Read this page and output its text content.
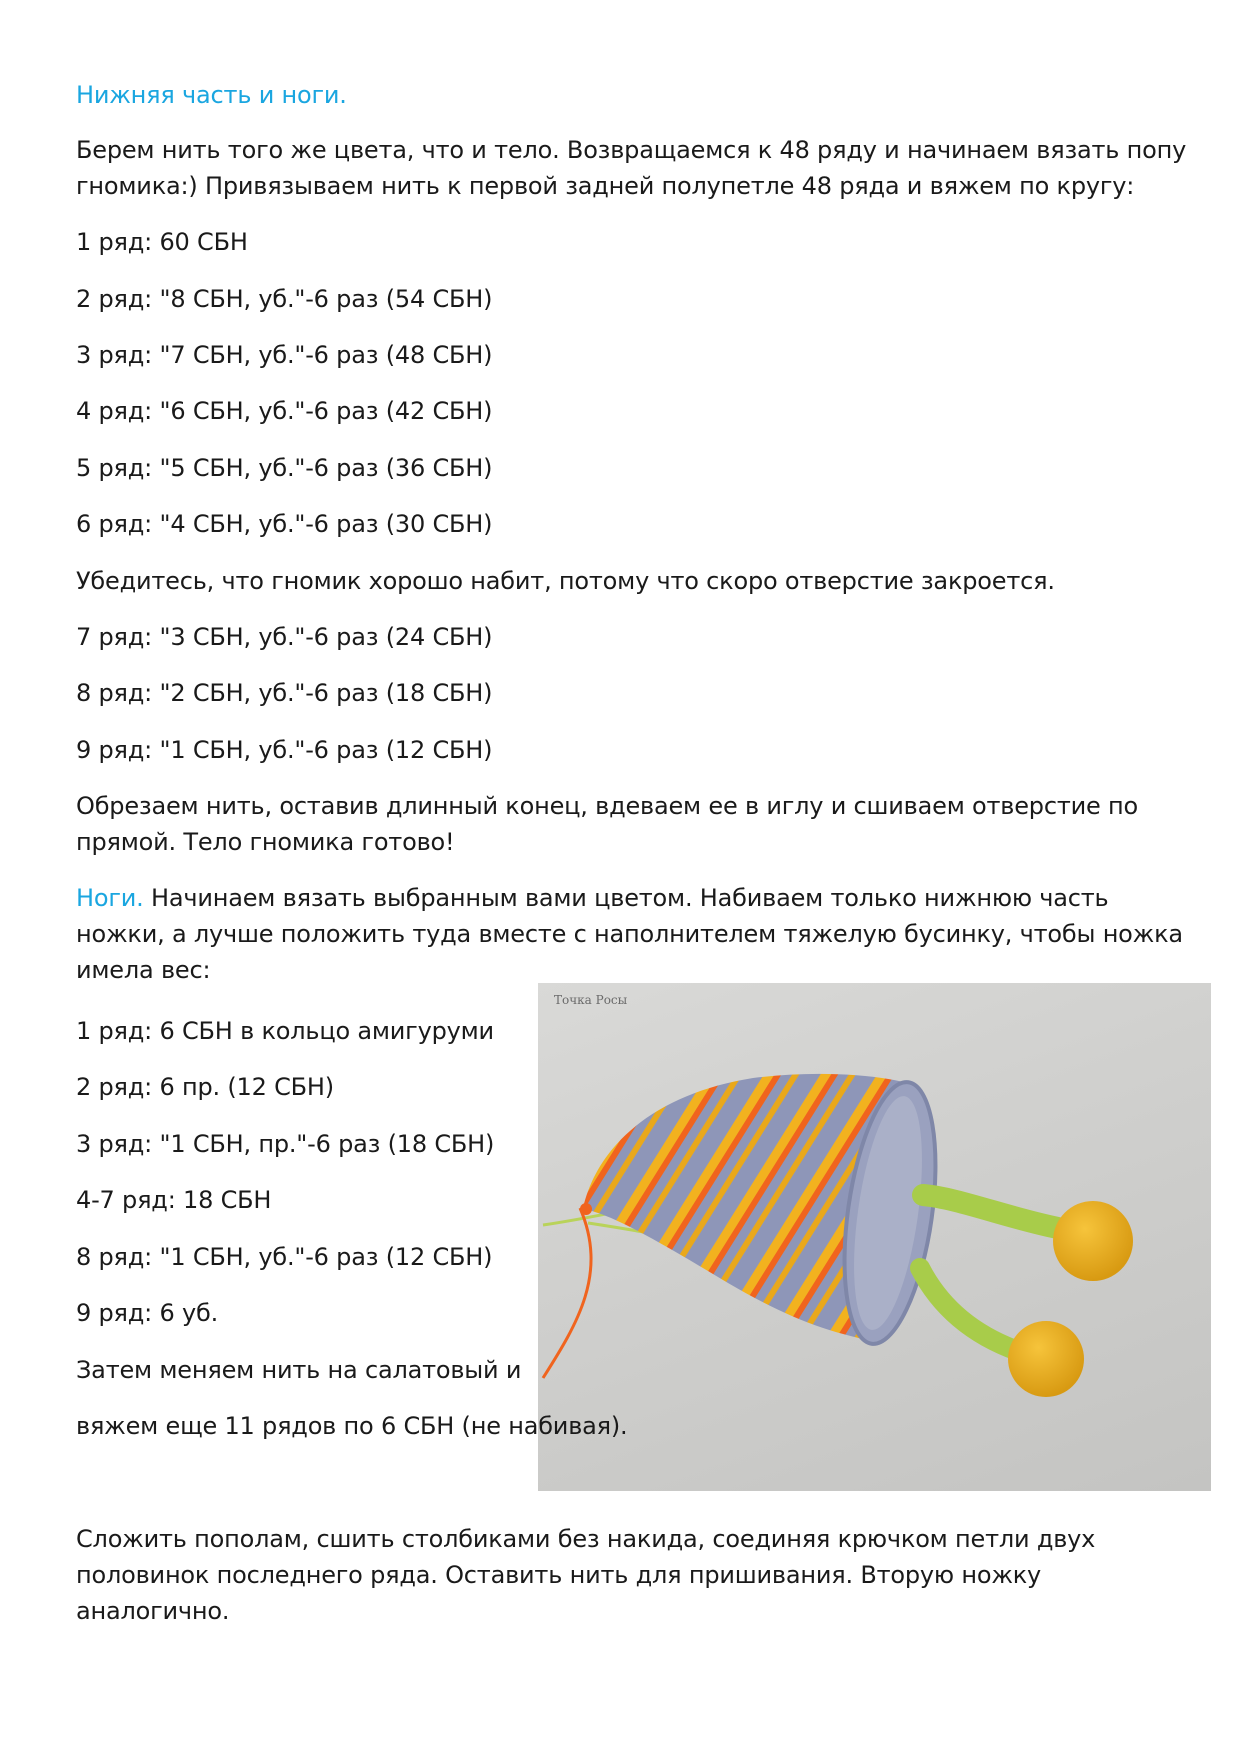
Нижняя часть и ноги.
Берем нить того же цвета, что и тело. Возвращаемся к 48 ряду и начинаем вязать попу
гномика:) Привязываем нить к первой задней полупетле 48 ряда и вяжем по кругу:
1 ряд: 60 СБН
2 ряд: "8 СБН, уб."-6 раз (54 СБН)
3 ряд: "7 СБН, уб."-6 раз (48 СБН)
4 ряд: "6 СБН, уб."-6 раз (42 СБН)
5 ряд: "5 СБН, уб."-6 раз (36 СБН)
6 ряд: "4 СБН, уб."-6 раз (30 СБН)
Убедитесь, что гномик хорошо набит, потому что скоро отверстие закроется.
7 ряд: "3 СБН, уб."-6 раз (24 СБН)
8 ряд: "2 СБН, уб."-6 раз (18 СБН)
9 ряд: "1 СБН, уб."-6 раз (12 СБН)
Обрезаем нить, оставив длинный конец, вдеваем ее в иглу и сшиваем отверстие по
прямой. Тело гномика готово!
Ноги. Начинаем вязать выбранным вами цветом. Набиваем только нижнюю часть
ножки, а лучше положить туда вместе с наполнителем тяжелую бусинку, чтобы ножка
имела вес:
Точка Росы
1 ряд: 6 СБН в кольцо амигуруми
2 ряд: 6 пр. (12 СБН)
3 ряд: "1 СБН, пр."-6 раз (18 СБН)
4-7 ряд: 18 СБН
8 ряд: "1 СБН, уб."-6 раз (12 СБН)
9 ряд: 6 уб.
Затем меняем нить на салатовый и
вяжем еще 11 рядов по 6 СБН (не набивая).
Сложить пополам, сшить столбиками без накида, соединяя крючком петли двух
половинок последнего ряда. Оставить нить для пришивания. Вторую ножку
аналогично.
